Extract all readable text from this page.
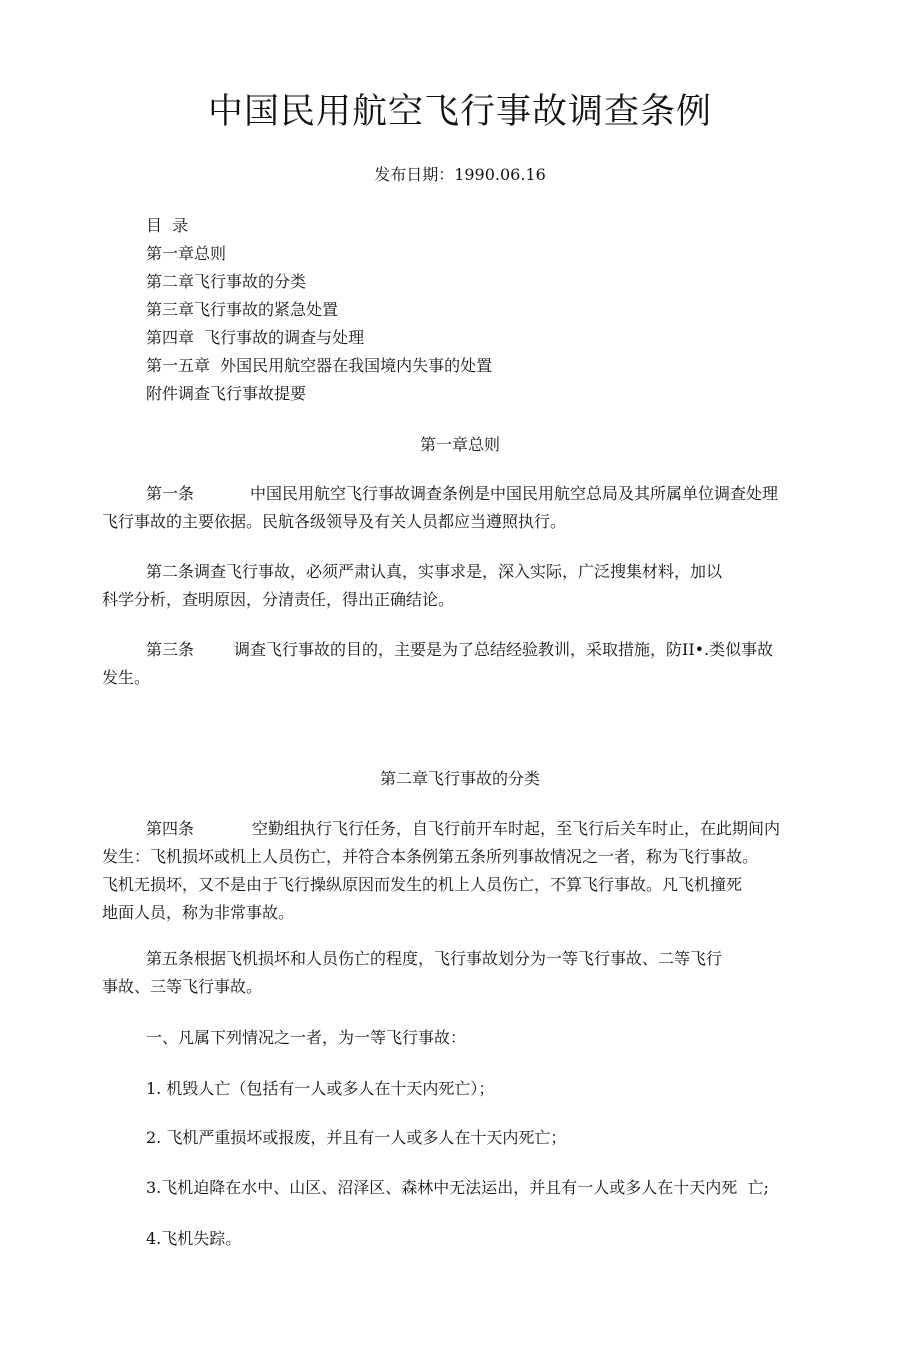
中国民用航空飞行事故调查条例
发布日期：1990.06.16
目  录
第一章总则
第二章飞行事故的分类
第三章飞行事故的紧急处置
第四章  飞行事故的调查与处理
第一五章  外国民用航空器在我国境内失事的处置
附件调查飞行事故提要
第一章总则
第一条	中国民用航空飞行事故调查条例是中国民用航空总局及其所属单位调查处理
飞行事故的主要依据。民航各级领导及有关人员都应当遵照执行。
第二条调查飞行事故，必须严肃认真，实事求是，深入实际，广泛搜集材料，加以
科学分析，查明原因，分清责任，得出正确结论。
第三条	调查飞行事故的目的，主要是为了总结经验教训，采取措施，防II•.类似事故
发生。
第二章飞行事故的分类
第四条	空勤组执行飞行任务，自飞行前开车时起，至飞行后关车时止，在此期间内
发生：飞机损坏或机上人员伤亡，并符合本条例第五条所列事故情况之一者，称为飞行事故。
飞机无损坏，又不是由于飞行操纵原因而发生的机上人员伤亡，不算飞行事故。凡飞机撞死
地面人员，称为非常事故。
第五条根据飞机损坏和人员伤亡的程度，飞行事故划分为一等飞行事故、二等飞行
事故、三等飞行事故。
一、凡属下列情况之一者，为一等飞行事故：
1. 机毁人亡（包括有一人或多人在十天内死亡）；
2. 飞机严重损坏或报废，并且有一人或多人在十天内死亡；
3.飞机迫降在水中、山区、沼泽区、森林中无法运出，并且有一人或多人在十天内死  亡;
4.飞机失踪。
